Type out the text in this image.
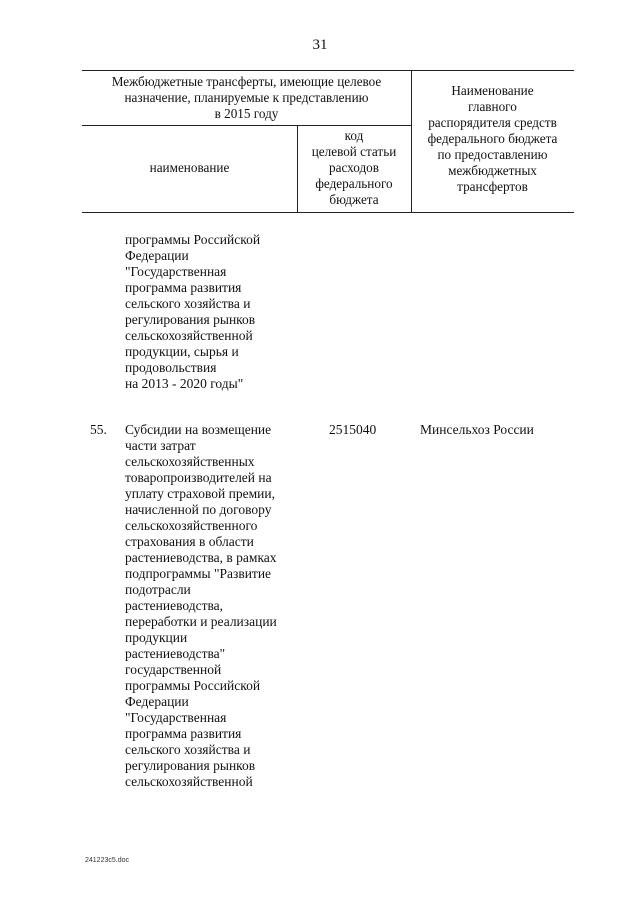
31
Межбюджетные трансферты, имеющие целевое
назначение, планируемые к представлению
в 2015 году
наименование
код
целевой статьи
расходов
федерального
бюджета
Наименование
главного
распорядителя средств
федерального бюджета
по предоставлению
межбюджетных
трансфертов
программы Российской
Федерации
"Государственная
программа развития
сельского хозяйства и
регулирования рынков
сельскохозяйственной
продукции, сырья и
продовольствия
на 2013 - 2020 годы"
55.	2515040	Минсельхоз России
Субсидии на возмещение
части затрат
сельскохозяйственных
товаропроизводителей на
уплату страховой премии,
начисленной по договору
сельскохозяйственного
страхования в области
растениеводства, в рамках
подпрограммы "Развитие
подотрасли
растениеводства,
переработки и реализации
продукции
растениеводства"
государственной
программы Российской
Федерации
"Государственная
программа развития
сельского хозяйства и
регулирования рынков
сельскохозяйственной
241223c5.doc
